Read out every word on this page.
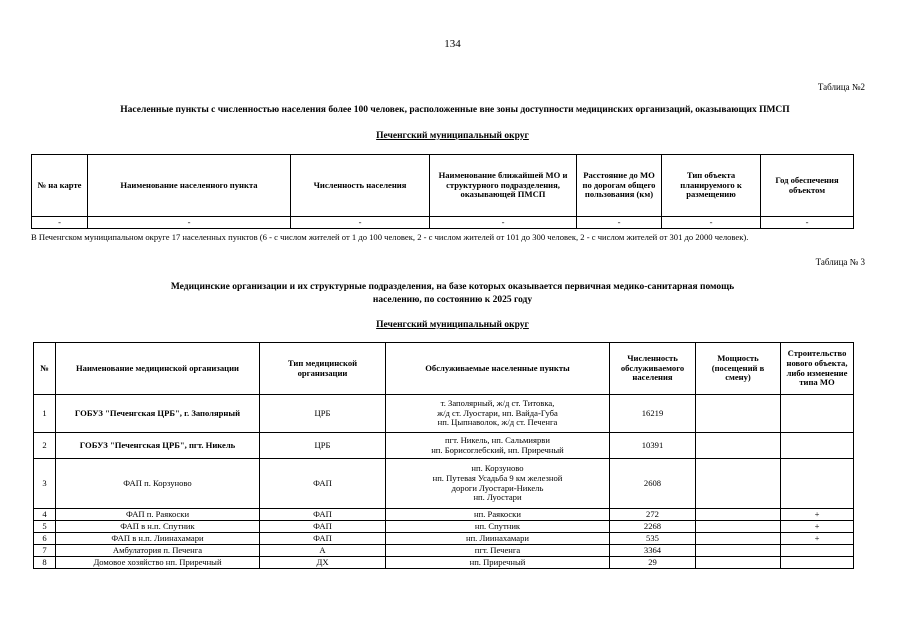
134
Таблица №2
Населенные пункты с численностью населения более 100 человек, расположенные вне зоны доступности медицинских организаций, оказывающих ПМСП
Печенгский муниципальный округ
№ на карте	Наименование населенного пункта	Численность населения	Наименование ближайшей МО и структурного подразделения, оказывающей ПМСП	Расстояние до МО по дорогам общего пользования (км)	Тип объекта планируемого к размещению	Год обеспечения объектом
-	-	-	-	-	-	-
В Печенгском муниципальном округе 17 населенных пунктов (6 - с числом жителей от 1 до 100 человек, 2 - с числом жителей от 101 до 300 человек, 2 - с числом жителей от 301 до 2000 человек).
Таблица № 3
Медицинские организации и их структурные подразделения, на базе которых оказывается первичная медико-санитарная помощь населению, по состоянию к 2025 году
Печенгский муниципальный округ
№	Наименование медицинской организации	Тип медицинской организации	Обслуживаемые населенные пункты	Численность обслуживаемого населения	Мощность (посещений в смену)	Строительство нового объекта, либо изменение типа МО
1	ГОБУЗ "Печенгская ЦРБ", г. Заполярный	ЦРБ	т. Заполярный, ж/д ст. Титовка,
ж/д ст. Луостари, нп. Вайда-Губа
нп. Цыпнаволок, ж/д ст. Печенга	16219		
2	ГОБУЗ "Печенгская ЦРБ", пгт. Никель	ЦРБ	пгт. Никель, нп. Сальмиярви
нп. Борисоглебский, нп. Приречный	10391		
3	ФАП п. Корзуново	ФАП	нп. Корзуново
нп. Путевая Усадьба 9 км железной
дороги Луостари-Никель
нп. Луостари	2608		
4	ФАП п. Раякоски	ФАП	нп. Раякоски	272		+
5	ФАП в н.п. Спутник	ФАП	нп. Спутник	2268		+
6	ФАП в н.п. Лиинахамари	ФАП	нп. Лиинахамари	535		+
7	Амбулатория п. Печенга	А	пгт. Печенга	3364		
8	Домовое хозяйство нп. Приречный	ДХ	нп. Приречный	29		
